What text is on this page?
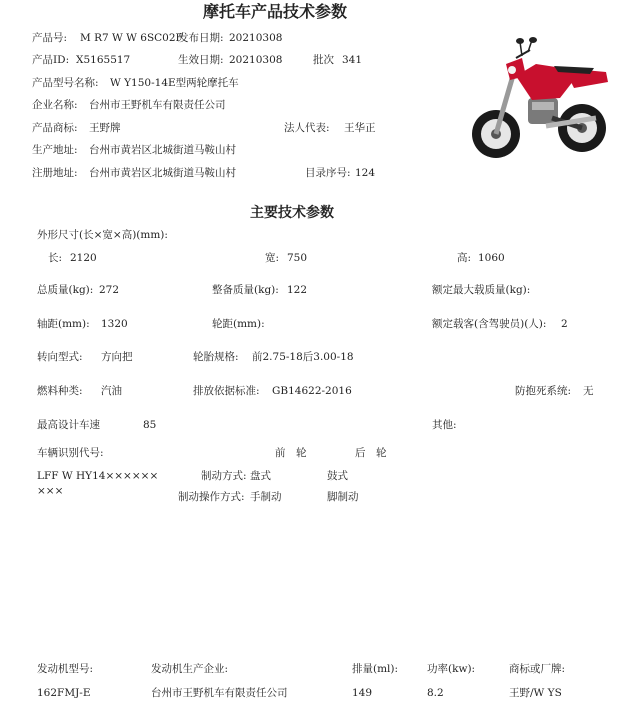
摩托车产品技术参数
产品号: M R7 W W 6SC02F
发布日期: 20210308
产品ID: X5165517	生效日期: 20210308	批次 341
产品型号名称: W Y150-14E型两轮摩托车
企业名称: 台州市王野机车有限责任公司
产品商标: 王野牌	法人代表: 王华正
生产地址: 台州市黄岩区北城街道马鞍山村
注册地址: 台州市黄岩区北城街道马鞍山村	目录序号: 124
主要技术参数
外形尺寸(长×宽×高)(mm):
长: 2120	宽: 750	高: 1060
总质量(kg): 272	整备质量(kg): 122	额定最大载质量(kg):
轴距(mm): 1320	轮距(mm):	额定载客(含驾驶员)(人): 2
转向型式: 方向把	轮胎规格: 前2.75-18后3.00-18
燃料种类: 汽油	排放依据标准: GB14622-2016	防抱死系统: 无
最高设计车速	85	其他:
车辆识别代号:	前　轮	后　轮
LFF W HY14××××××
×××
制动方式: 盘式	鼓式
制动操作方式: 手制动	脚制动
发动机型号:	发动机生产企业:	排量(ml):	功率(kw):	商标或厂牌:
162FMJ-E	台州市王野机车有限责任公司	149	8.2	王野/W YS
